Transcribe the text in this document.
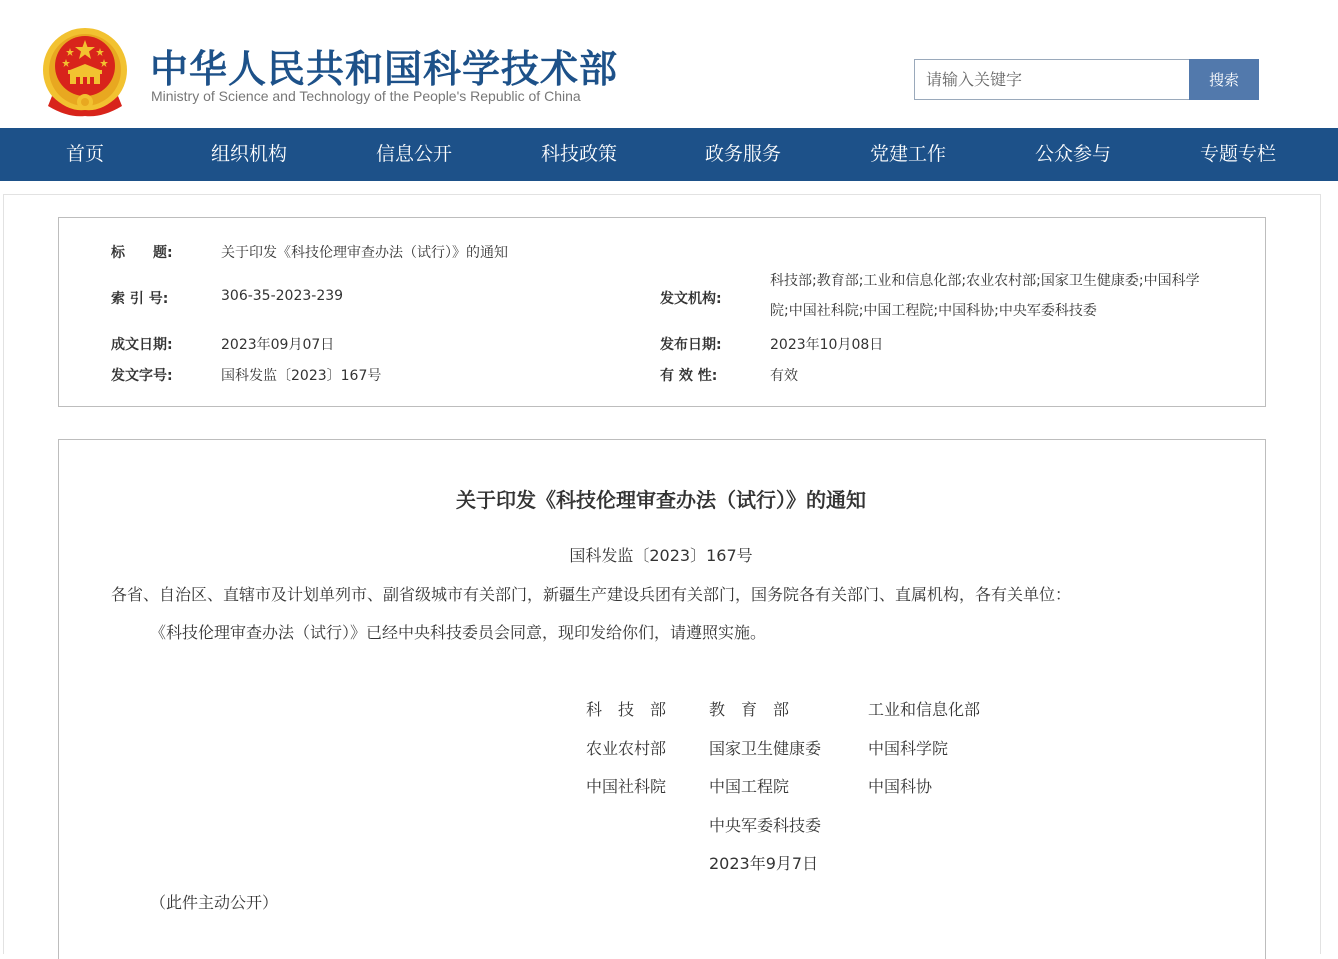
中华人民共和国科学技术部
Ministry of Science and Technology of the People's Republic of China
请输入关键字
搜索
首页	组织机构	信息公开	科技政策	政务服务	党建工作	公众参与	专题专栏
标　　题:	关于印发《科技伦理审查办法（试行）》的通知
索 引 号:	306-35-2023-239	发文机构:
科技部;教育部;工业和信息化部;农业农村部;国家卫生健康委;中国科学院;中国社科院;中国工程院;中国科协;中央军委科技委
成文日期:	2023年09月07日	发布日期:	2023年10月08日
发文字号:	国科发监〔2023〕167号	有 效 性:	有效
关于印发《科技伦理审查办法（试行）》的通知
国科发监〔2023〕167号
各省、自治区、直辖市及计划单列市、副省级城市有关部门，新疆生产建设兵团有关部门，国务院各有关部门、直属机构，各有关单位：
《科技伦理审查办法（试行）》已经中央科技委员会同意，现印发给你们，请遵照实施。
科　技　部	教　育　部	工业和信息化部
农业农村部	国家卫生健康委	中国科学院
中国社科院	中国工程院	中国科协
中央军委科技委
2023年9月7日
（此件主动公开）
